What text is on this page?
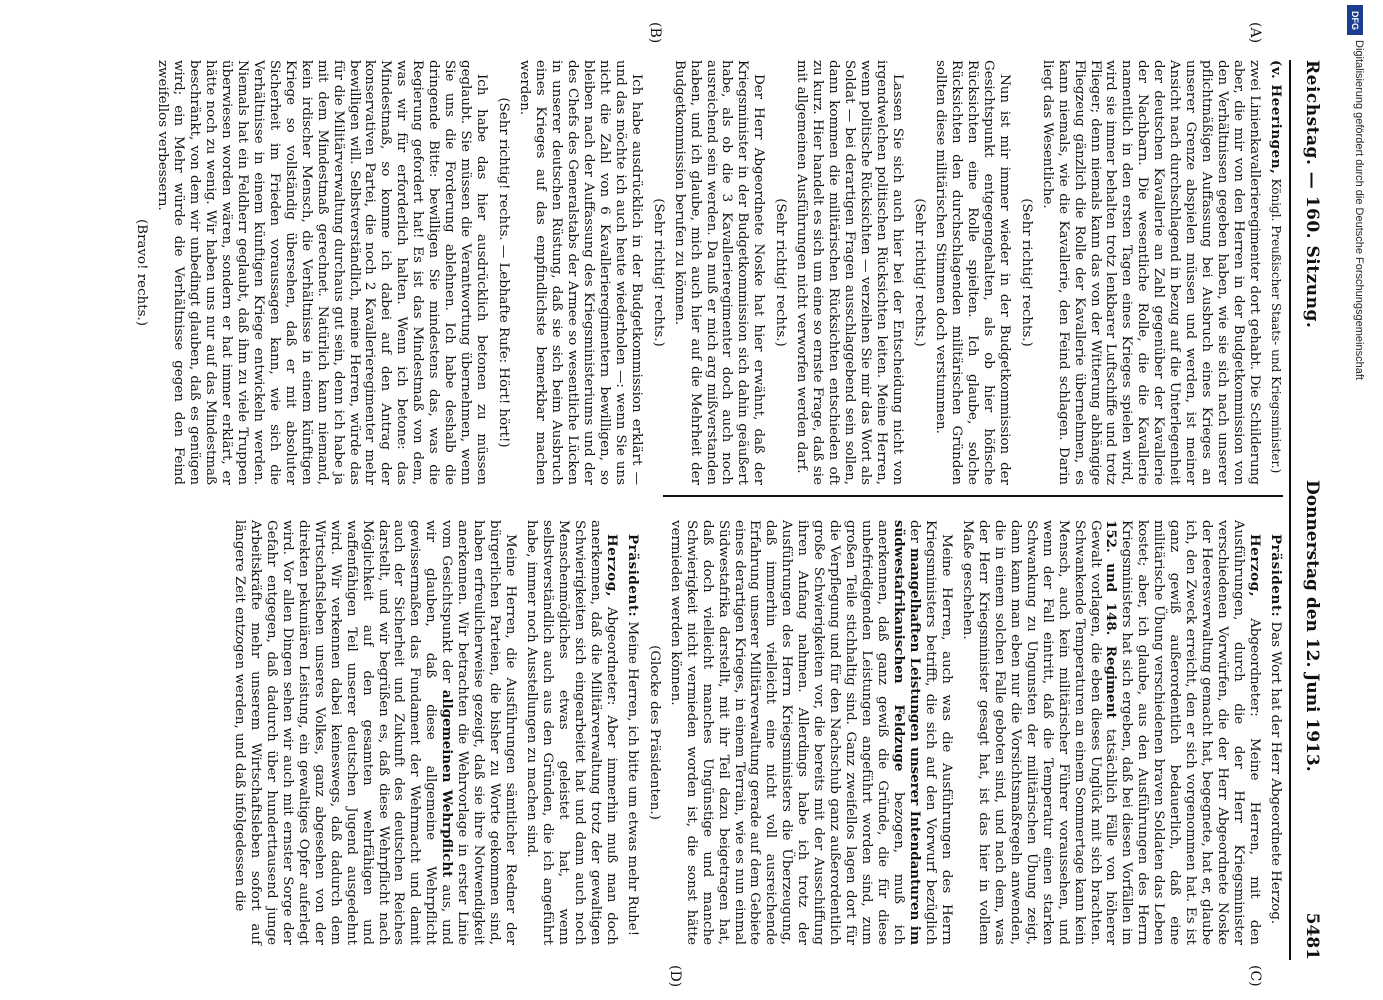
Reichstag. — 160. Sitzung.
Donnerstag den 12. Juni 1913.
5481
(A)
(B)
(C)
(D)

(v. Heeringen, Königl. Preußischer Staats- und Kriegsminister.)

zwei Linienkavallerieregimenter dort gehabt. Die Schilderung aber, die mir von den Herren in der Budgetkommission von den Verhältnissen gegeben haben, wie sie sich nach unserer pflichtmäßigen Auffassung bei Ausbruch eines Krieges an unserer Grenze abspielen müssen und werden, ist meiner Ansicht nach durchschlagend in bezug auf die Unterlegenheit der deutschen Kavallerie an Zahl gegenüber der Kavallerie der Nachbarn. Die wesentliche Rolle, die die Kavallerie namentlich in den ersten Tagen eines Krieges spielen wird, wird sie immer behalten trotz lenkbarer Luftschiffe und trotz Flieger; denn niemals kann das von der Witterung abhängige Fliegzeug gänzlich die Rolle der Kavallerie übernehmen, es kann niemals, wie die Kavallerie, den Feind schlagen. Darin liegt das Wesentliche.

(Sehr richtig! rechts.)

Nun ist mir immer wieder in der Budgetkommission der Gesichtspunkt entgegengehalten, als ob hier höfische Rücksichten eine Rolle spielten. Ich glaube, solche Rücksichten den durchschlagenden militärischen Gründen sollten diese militärischen Stimmen doch verstummen.

(Sehr richtig! rechts.)

Lassen Sie sich auch hier bei der Entscheidung nicht von irgendwelchen politischen Rücksichten leiten. Meine Herren, wenn politische Rücksichten — verzeihen Sie mir das Wort als Soldat — bei derartigen Fragen ausschlaggebend sein sollen, dann kommen die militärischen Rücksichten entschieden oft zu kurz. Hier handelt es sich um eine so ernste Frage, daß sie mit allgemeinen Ausführungen nicht verworfen werden darf.

(Sehr richtig! rechts.)

Der Herr Abgeordnete Noske hat hier erwähnt, daß der Kriegsminister in der Budgetkommission sich dahin geäußert habe, als ob die 3 Kavallerieregimenter doch auch noch ausreichend sein werden. Da muß er mich arg mißverstanden haben, und ich glaube, mich auch hier auf die Mehrheit der Budgetkommission berufen zu können.

(Sehr richtig! rechts.)

Ich habe ausdrücklich in der Budgetkommission erklärt — und das möchte ich auch heute wiederholen —: wenn Sie uns nicht die Zahl von 6 Kavallerieregimentern bewilligen, so bleiben nach der Auffassung des Kriegsministeriums und der des Chefs des Generalstabs der Armee so wesentliche Lücken in unserer deutschen Rüstung, daß sie sich beim Ausbruch eines Krieges auf das empfindlichste bemerkbar machen werden.

(Sehr richtig! rechts. — Lebhafte Rufe: Hört! hört!)

Ich habe das hier ausdrücklich betonen zu müssen geglaubt. Sie müssen die Verantwortung übernehmen, wenn Sie uns die Forderung ablehnen. Ich habe deshalb die dringende Bitte: bewilligen Sie mindestens das, was die Regierung gefordert hat! Es ist das Mindestmaß von dem, was wir für erforderlich halten. Wenn ich betone: das Mindestmaß, so komme ich dabei auf den Antrag der konservativen Partei, die noch 2 Kavallerieregimenter mehr bewilligen will. Selbstverständlich, meine Herren, würde das für die Militärverwaltung durchaus gut sein, denn ich habe ja mit dem Mindestmaß gerechnet. Natürlich kann niemand, kein irdischer Mensch, die Verhältnisse in einem künftigen Kriege so vollständig übersehen, daß er mit absoluter Sicherheit im Frieden voraussagen kann, wie sich die Verhältnisse in einem künftigen Kriege entwickeln werden. Niemals hat ein Feldherr geglaubt, daß ihm zu viele Truppen überwiesen worden wären, sondern er hat immer erklärt, er hätte noch zu wenig. Wir haben uns nur auf das Mindestmaß beschränkt, von dem wir unbedingt glauben, daß es genügen wird; ein Mehr würde die Verhältnisse gegen den Feind zweifellos verbessern.

(Bravo! rechts.)

Präsident: Das Wort hat der Herr Abgeordnete Herzog.

Herzog, Abgeordneter: Meine Herren, mit den Ausführungen, durch die der Herr Kriegsminister verschiedenen Vorwürfen, die der Herr Abgeordnete Noske der Heeresverwaltung gemacht hat, begegnete, hat er, glaube ich, den Zweck erreicht, den er sich vorgenommen hat. Es ist ganz gewiß außerordentlich bedauerlich, daß eine militärische Übung verschiedenen braven Soldaten das Leben kostet; aber, ich glaube, aus den Ausführungen des Herrn Kriegsministers hat sich ergeben, daß bei diesen Vorfällen im 152. und 148. Regiment tatsächlich Fälle von höherer Gewalt vorlagen, die eben dieses Unglück mit sich brachten. Schwankende Temperaturen an einem Sommertage kann kein Mensch, auch kein militärischer Führer voraussehen, und wenn der Fall eintritt, daß die Temperatur einen starken Schwankung zu Ungunsten der militärischen Übung zeigt, dann kann man eben nur die Vorsichtsmaßregeln anwenden, die in einem solchen Falle geboten sind, und nach dem, was der Herr Kriegsminister gesagt hat, ist das hier in vollem Maße geschehen.

Meine Herren, auch was die Ausführungen des Herrn Kriegsministers betrifft, die sich auf den Vorwurf bezüglich der mangelhaften Leistungen unserer Intendanturen im südwestafrikanischen Feldzuge bezogen, muß ich anerkennen, daß ganz gewiß die Gründe, die für diese unbefriedigenden Leistungen angeführt worden sind, zum großen Teile stichhaltig sind. Ganz zweifellos lagen dort für die Verpflegung und für den Nachschub ganz außerordentlich große Schwierigkeiten vor, die bereits mit der Ausschiffung ihren Anfang nahmen. Allerdings habe ich trotz der Ausführungen des Herrn Kriegsministers die Überzeugung, daß immerhin vielleicht eine nicht voll ausreichende Erfahrung unserer Militärverwaltung gerade auf dem Gebiete eines derartigen Krieges, in einem Terrain, wie es nun einmal Südwestafrika darstellt, mit ihr Teil dazu beigetragen hat, daß doch vielleicht manches Ungünstige und manche Schwierigkeit nicht vermieden worden ist, die sonst hätte vermieden werden können.

(Glocke des Präsidenten.)

Präsident: Meine Herren, ich bitte um etwas mehr Ruhe!

Herzog, Abgeordneter: Aber immerhin muß man doch anerkennen, daß die Militärverwaltung trotz der gewaltigen Schwierigkeiten sich eingearbeitet hat und dann auch noch Menschenmögliches etwas geleistet hat, wenn selbstverständlich auch aus den Gründen, die ich angeführt habe, immer noch Ausstellungen zu machen sind.

Meine Herren, die Ausführungen sämtlicher Redner der bürgerlichen Parteien, die bisher zu Worte gekommen sind, haben erfreulicherweise gezeigt, daß sie ihre Notwendigkeit anerkennen. Wir betrachten die Wehrvorlage in erster Linie vom Gesichtspunkt der allgemeinen Wehrpflicht aus, und wir glauben, daß diese allgemeine Wehrpflicht gewissermaßen das Fundament der Wehrmacht und damit auch der Sicherheit und Zukunft des deutschen Reiches darstellt, und wir begrüßen es, daß diese Wehrpflicht nach Möglichkeit auf den gesamten wehrfähigen und waffenfähigen Teil unserer deutschen Jugend ausgedehnt wird. Wir verkennen dabei keineswegs, daß dadurch dem Wirtschaftsleben unseres Volkes, ganz abgesehen von der direkten pekuniären Leistung, ein gewaltiges Opfer auferlegt wird. Vor allen Dingen sehen wir auch mit ernster Sorge der Gefahr entgegen, daß dadurch über hunderttausend junge Arbeitskräfte mehr unserem Wirtschaftsleben sofort auf längere Zeit entzogen werden, und daß infolgedessen die

DFG
Digitalisierung gefördert durch die Deutsche Forschungsgemeinschaft
